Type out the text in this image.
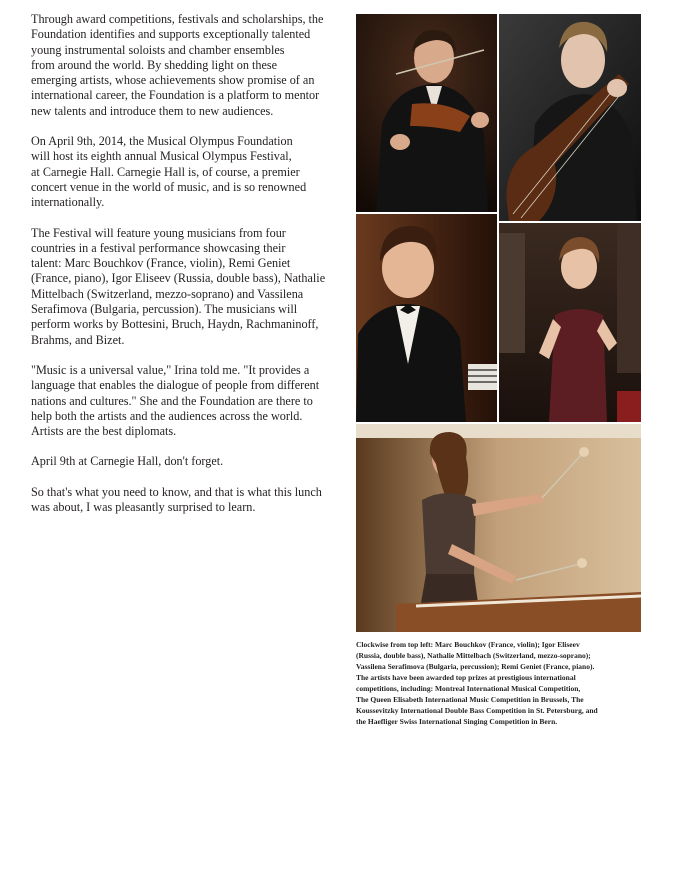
Through award competitions, festivals and scholarships, the
Foundation identifies and supports exceptionally talented
young instrumental soloists and chamber ensembles
from around the world. By shedding light on these
emerging artists, whose achievements show promise of an
international career, the Foundation is a platform to mentor
new talents and introduce them to new audiences.

On April 9th, 2014, the Musical Olympus Foundation
will host its eighth annual Musical Olympus Festival,
at Carnegie Hall. Carnegie Hall is, of course, a premier
concert venue in the world of music, and is so renowned
internationally.

The Festival will feature young musicians from four
countries in a festival performance showcasing their
talent: Marc Bouchkov (France, violin), Remi Geniet
(France, piano), Igor Eliseev (Russia, double bass), Nathalie
Mittelbach (Switzerland, mezzo-soprano) and Vassilena
Serafimova (Bulgaria, percussion). The musicians will
perform works by Bottesini, Bruch, Haydn, Rachmaninoff,
Brahms, and Bizet.

"Music is a universal value," Irina told me. "It provides a
language that enables the dialogue of people from different
nations and cultures." She and the Foundation are there to
help both the artists and the audiences across the world.
Artists are the best diplomats.

April 9th at Carnegie Hall, don't forget.

So that's what you need to know, and that is what this lunch
was about, I was pleasantly surprised to learn.

Clockwise from top left: Marc Bouchkov (France, violin); Igor Eliseev
(Russia, double bass), Nathalie Mittelbach (Switzerland, mezzo-soprano);
Vassilena Serafimova (Bulgaria, percussion); Remi Geniet (France, piano).
The artists have been awarded top prizes at prestigious international
competitions, including: Montreal International Musical Competition,
The Queen Elisabeth International Music Competition in Brussels, The
Koussevitzky International Double Bass Competition in St. Petersburg, and
the Haefliger Swiss International Singing Competition in Bern.
